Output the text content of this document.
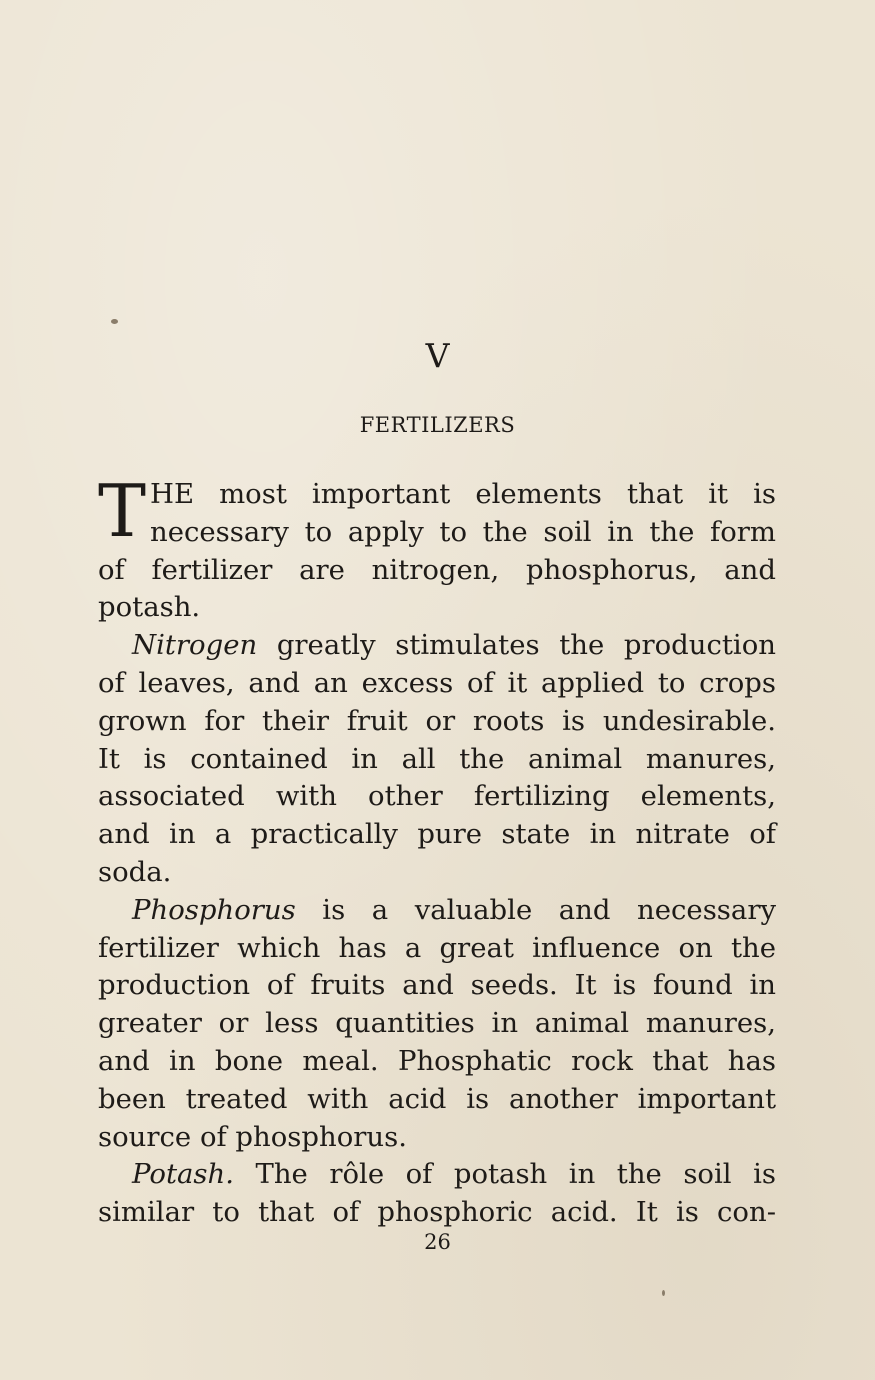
V
FERTILIZERS
T HE most important elements that it is
necessary to apply to the soil in the form
of fertilizer are nitrogen, phosphorus, and
potash.
Nitrogen greatly stimulates the production
of leaves, and an excess of it applied to crops
grown for their fruit or roots is undesirable.
It is contained in all the animal manures,
associated with other fertilizing elements,
and in a practically pure state in nitrate of
soda.
Phosphorus is a valuable and necessary
fertilizer which has a great influence on the
production of fruits and seeds. It is found in
greater or less quantities in animal manures,
and in bone meal. Phosphatic rock that has
been treated with acid is another important
source of phosphorus.
Potash. The rôle of potash in the soil is
similar to that of phosphoric acid. It is con-
26
